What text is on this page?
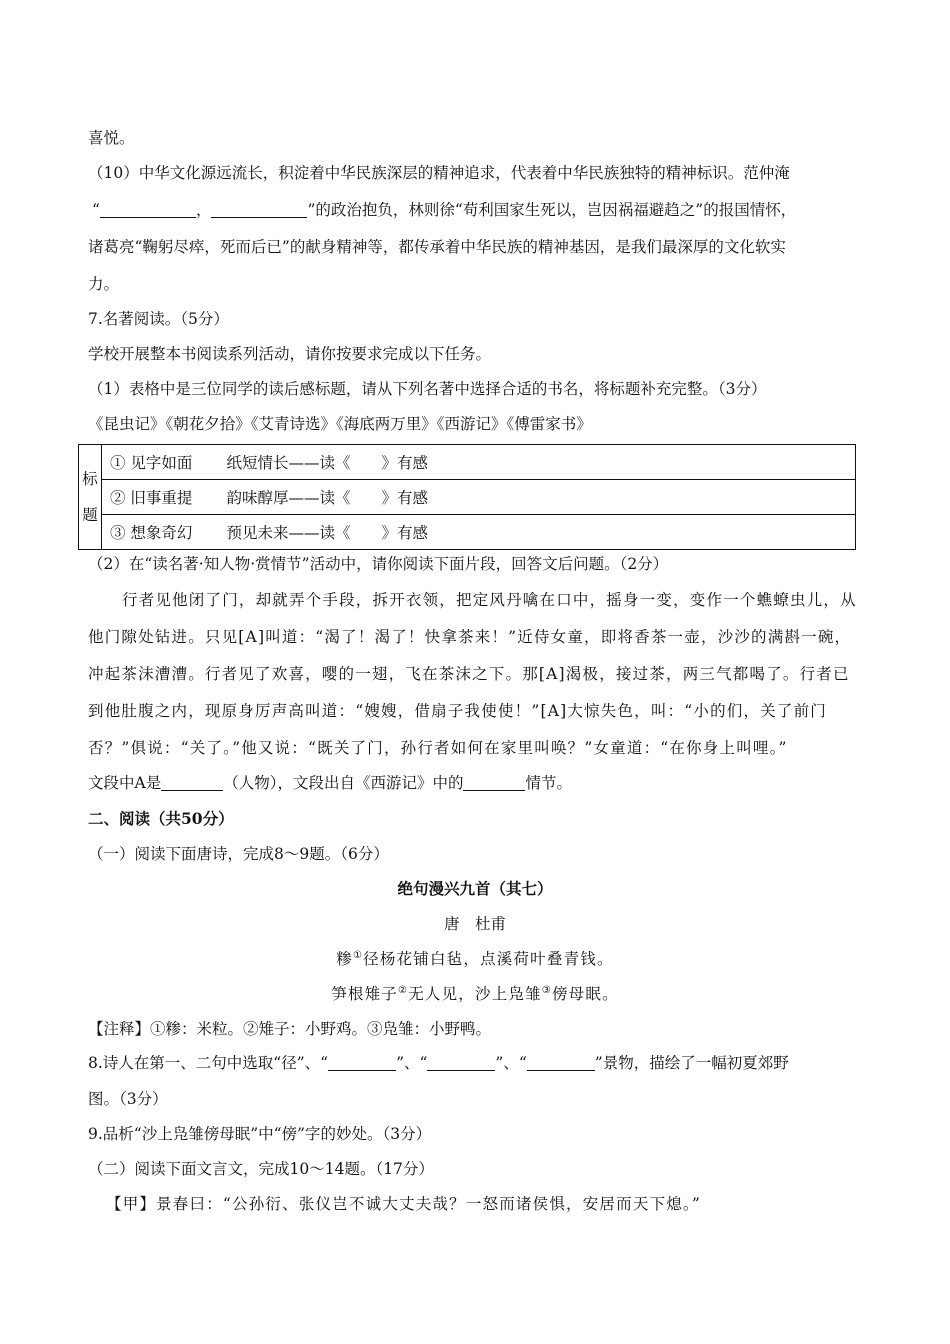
喜悦。
（10）中华文化源远流长，积淀着中华民族深层的精神追求，代表着中华民族独特的精神标识。范仲淹
“	，	”的政治抱负，林则徐“苟利国家生死以，岂因祸福避趋之”的报国情怀，
诸葛亮“鞠躬尽瘁，死而后已”的献身精神等，都传承着中华民族的精神基因，是我们最深厚的文化软实
力。
7.名著阅读。（5分）
学校开展整本书阅读系列活动，请你按要求完成以下任务。
（1）表格中是三位同学的读后感标题，请从下列名著中选择合适的书名，将标题补充完整。（3分）
《昆虫记》《朝花夕拾》《艾青诗选》《海底两万里》《西游记》《傅雷家书》
标
题
	① 见字如面 纸短情长——读《　　》有感
② 旧事重提 韵味醇厚——读《　　》有感
③ 想象奇幻 预见未来——读《　　》有感
（2）在“读名著·知人物·赏情节”活动中，请你阅读下面片段，回答文后问题。（2分）
行者见他闭了门，却就弄个手段，拆开衣领，把定风丹噙在口中，摇身一变，变作一个蟭蟟虫儿，从
他门隙处钻进。只见[A]叫道：“渴了！渴了！快拿茶来！”近侍女童，即将香茶一壶，沙沙的满斟一碗，
冲起茶沫漕漕。行者见了欢喜，嘤的一翅，飞在茶沫之下。那[A]渴极，接过茶，两三气都喝了。行者已
到他肚腹之内，现原身厉声高叫道：“嫂嫂，借扇子我使使！”[A]大惊失色，叫：“小的们，关了前门
否？”俱说：“关了。”他又说：“既关了门，孙行者如何在家里叫唤？”女童道：“在你身上叫哩。”
文段中A是	（人物），文段出自《西游记》中的	情节。
二、阅读（共50分）
（一）阅读下面唐诗，完成8～9题。（6分）
绝句漫兴九首（其七）
唐　杜甫
糁①径杨花铺白毡，点溪荷叶叠青钱。
笋根雉子②无人见，沙上凫雏③傍母眠。
【注释】①糁：米粒。②雉子：小野鸡。③凫雏：小野鸭。
8.诗人在第一、二句中选取“径”、“	”、“	”、“	”景物，描绘了一幅初夏郊野
图。（3分）
9.品析“沙上凫雏傍母眠”中“傍”字的妙处。（3分）
（二）阅读下面文言文，完成10～14题。（17分）
【甲】景春曰：“公孙衍、张仪岂不诚大丈夫哉？一怒而诸侯惧，安居而天下熄。”
